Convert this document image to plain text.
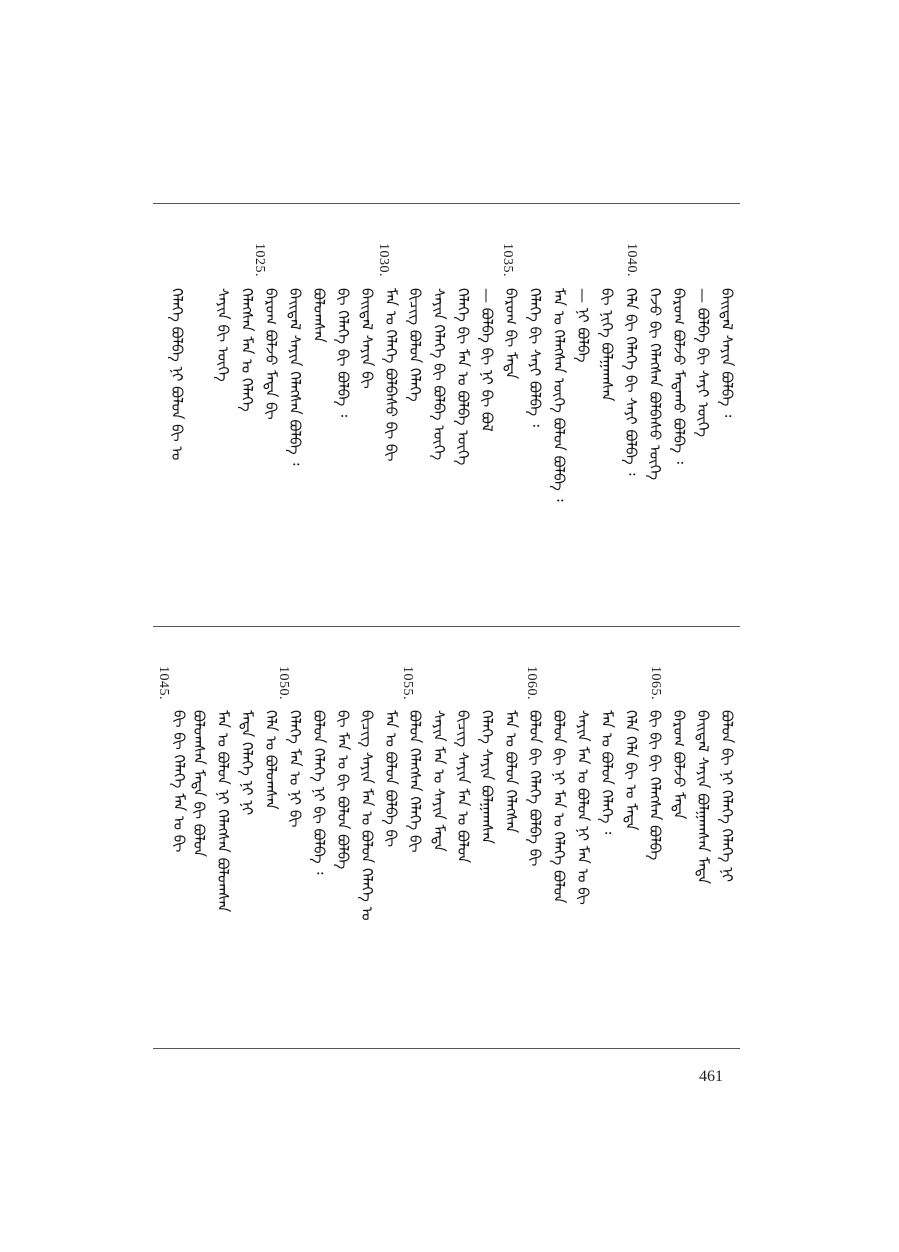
1040.
1035.
1030.
1025.
ᠪᠠᠢᠳᠠᠯ ᠰᠠᠶᠢᠨ ᠪᠣᠯᠪᠠ ᠄
— ᠪᠣᠯᠪᠠ ᠪᠢ ᠰᠠᠶᠢ ᠦᠭᠡ
ᠪᠠᠷᠤᠭ ᠪᠣᠯᠵᠤ ᠮᠠᠳᠠᠬᠤ ᠪᠣᠯᠪᠠ ᠄
ᠭᠡᠵᠦ ᠪᠢ ᠬᠡᠯᠡᠭᠰᠡᠨ ᠪᠣᠯᠪᠠᠰᠤ ᠦᠭᠡ
ᠬᠡᠯᠡ ᠪᠢ ᠬᠡᠯᠡᠭᠡ ᠪᠢ ᠰᠠᠶᠢ ᠪᠣᠯᠪᠠ ᠄
ᠪᠢ ᠨᠢᠭᠡ ᠪᠣᠯᠭᠠᠭᠰᠠᠨ
— ᠨᠢ ᠪᠣᠯᠪᠠ
ᠮᠠᠨ ᠤ ᠬᠡᠯᠡᠭᠰᠡᠨ ᠦᠭᠡ ᠪᠣᠯᠤᠨ ᠪᠣᠯᠪᠠ ᠄
ᠬᠡᠯᠡᠭᠡ ᠪᠢ ᠰᠠᠶᠢ ᠪᠣᠯᠪᠠ ᠄
ᠪᠠᠷᠤᠭ ᠪᠢ ᠮᠠᠳᠠ
— ᠪᠣᠯᠪᠠ ᠪᠢ ᠨᠢ ᠪᠢ ᠪᠣᠯ
ᠬᠡᠯᠡᠭᠡ ᠪᠢ ᠮᠠᠨ ᠤ ᠪᠣᠯᠪᠠ ᠦᠭᠡ
ᠰᠠᠶᠢᠨ ᠬᠡᠯᠡᠭᠡ ᠪᠢ ᠪᠣᠯᠪᠠ ᠦᠭᠡ
ᠪᠢᠴᠢᠭ ᠪᠣᠯᠤᠨ ᠬᠡᠯᠡᠭᠡ
ᠮᠠᠨ ᠤ ᠬᠡᠯᠡᠭᠡ ᠪᠣᠯᠪᠠᠰᠤ ᠪᠢ ᠪᠢ
ᠪᠠᠢᠳᠠᠯ ᠰᠠᠶᠢᠨ ᠪᠢ
ᠪᠢ ᠬᠡᠯᠡᠭᠡ ᠪᠢ ᠪᠣᠯᠪᠠ ᠄
ᠪᠣᠯᠤᠭᠰᠠᠨ
ᠪᠠᠢᠳᠠᠯ ᠰᠠᠶᠢᠨ ᠬᠡᠯᠡᠭᠰᠡᠨ ᠪᠣᠯᠪᠠ ᠄
ᠪᠠᠷᠤᠭ ᠪᠣᠯᠵᠤ ᠮᠠᠳᠠ ᠪᠢ
ᠬᠡᠯᠡᠭᠰᠡᠨ ᠮᠠᠨ ᠤ ᠬᠡᠯᠡᠭᠡ
ᠰᠠᠶᠢᠨ ᠪᠢ ᠦᠭᠡ
ᠬᠡᠯᠡᠭᠡ ᠪᠣᠯᠪᠠ ᠨᠢ ᠪᠣᠯᠤᠨ ᠪᠢ ᠤ
1065.
1060.
1055.
1050.
1045.
ᠪᠣᠯᠤᠨ ᠪᠢ ᠨᠢ ᠬᠡᠯᠡᠭᠡ ᠬᠡᠯᠡᠭᠡ ᠨᠢ
ᠪᠠᠢᠳᠠᠯ ᠰᠠᠶᠢᠨ ᠪᠣᠯᠭᠠᠭᠰᠠᠨ ᠮᠠᠳᠠ
ᠪᠠᠷᠤᠭ ᠪᠣᠯᠵᠤ ᠮᠠᠳᠠ
ᠪᠢ ᠪᠢ ᠪᠢ ᠬᠡᠯᠡᠭᠰᠡᠨ ᠪᠣᠯᠪᠠ
ᠬᠡᠯᠡ ᠬᠡᠯᠡ ᠪᠢ ᠤ ᠮᠠᠳᠠ
ᠮᠠᠨ ᠤ ᠪᠣᠯᠤᠨ ᠬᠡᠯᠡᠭᠡ ᠄
ᠰᠠᠶᠢᠨ ᠮᠠᠨ ᠤ ᠪᠣᠯᠤᠨ ᠨᠢ ᠮᠠᠨ ᠤ ᠪᠢ
ᠪᠣᠯᠤᠨ ᠪᠢ ᠨᠢ ᠮᠠᠨ ᠤ ᠬᠡᠯᠡᠭᠡ ᠪᠣᠯᠤᠨ
ᠪᠣᠯᠤᠨ ᠪᠢ ᠬᠡᠯᠡᠭᠡ ᠪᠣᠯᠪᠠ ᠪᠢ
ᠮᠠᠨ ᠤ ᠪᠣᠯᠤᠨ ᠬᠡᠯᠡᠭᠰᠡᠨ
ᠬᠡᠯᠡᠭᠡ ᠰᠠᠶᠢᠨ ᠪᠣᠯᠭᠠᠭᠰᠠᠨ
ᠪᠢᠴᠢᠭ ᠰᠠᠶᠢᠨ ᠮᠠᠨ ᠤ ᠪᠣᠯᠤᠨ
ᠰᠠᠶᠢᠨ ᠮᠠᠨ ᠤ ᠰᠠᠶᠢᠨ ᠮᠠᠳᠠ
ᠪᠣᠯᠤᠨ ᠬᠡᠯᠡᠭᠰᠡᠨ ᠬᠡᠯᠡᠭᠡ ᠪᠢ
ᠮᠠᠨ ᠤ ᠪᠣᠯᠤᠨ ᠪᠣᠯᠪᠠ ᠪᠢ
ᠪᠢᠴᠢᠭ ᠰᠠᠶᠢᠨ ᠮᠠᠨ ᠤ ᠪᠣᠯᠤᠨ ᠬᠡᠯᠡᠭᠡ ᠤ
ᠪᠢ ᠮᠠᠨ ᠤ ᠪᠢ ᠪᠣᠯᠤᠨ ᠪᠣᠯᠪᠠ
ᠪᠣᠯᠤᠨ ᠬᠡᠯᠡᠭᠡ ᠨᠢ ᠪᠢ ᠪᠣᠯᠪᠠ ᠄
ᠬᠡᠯᠡᠭᠡ ᠮᠠᠨ ᠤ ᠨᠢ ᠪᠢ
ᠬᠡᠯᠡ ᠤ ᠪᠣᠯᠤᠭᠰᠠᠨ
ᠮᠠᠳᠠ ᠬᠡᠯᠡᠭᠡ ᠨᠢ ᠨᠢ
ᠮᠠᠨ ᠤ ᠪᠣᠯᠤᠨ ᠨᠢ ᠬᠡᠯᠡᠭᠰᠡᠨ ᠪᠣᠯᠤᠭᠰᠠᠨ
ᠪᠣᠯᠤᠭᠰᠠᠨ ᠮᠠᠳᠠ ᠪᠢ ᠪᠣᠯᠤᠨ
ᠪᠢ ᠪᠢ ᠬᠡᠯᠡᠭᠡ ᠮᠠᠨ ᠤ ᠪᠢ
461
